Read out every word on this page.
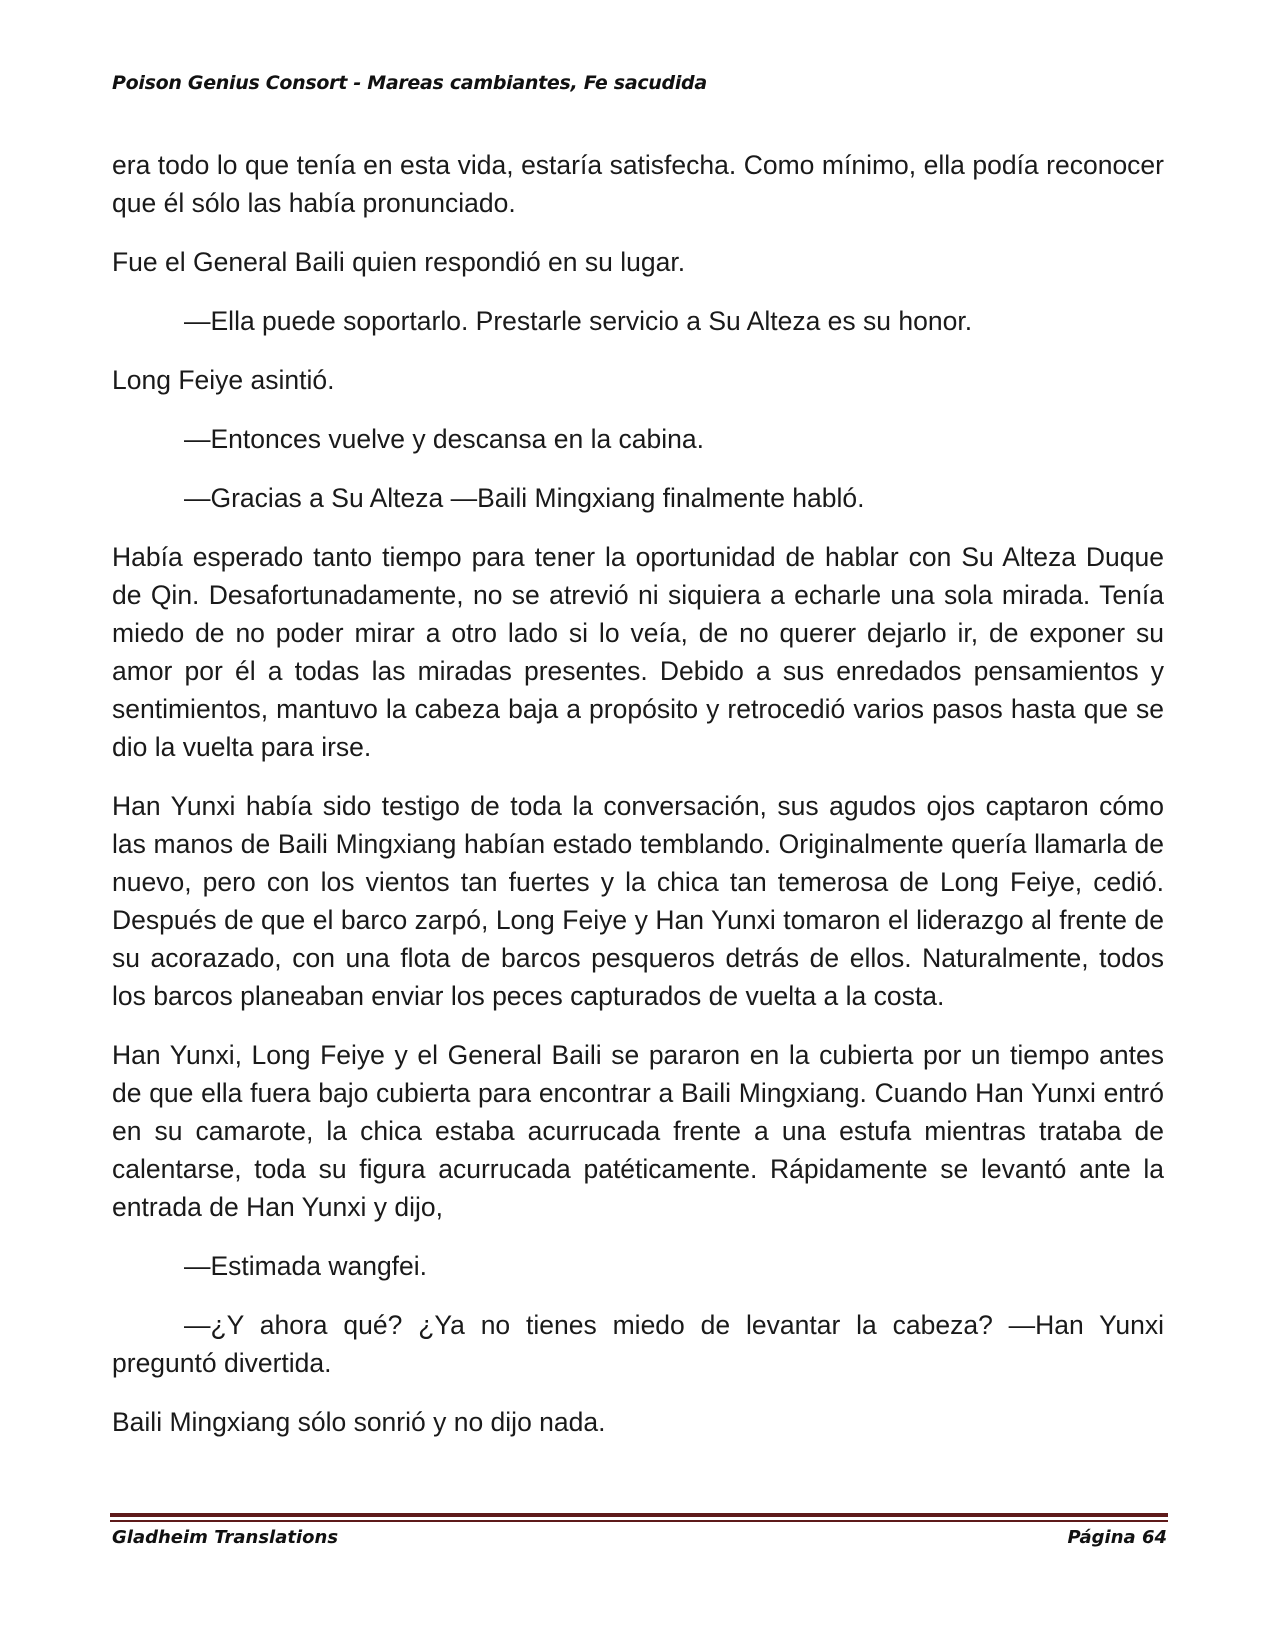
Poison Genius Consort - Mareas cambiantes, Fe sacudida

era todo lo que tenía en esta vida, estaría satisfecha. Como mínimo, ella podía reconocer que él sólo las había pronunciado.

Fue el General Baili quien respondió en su lugar.

—Ella puede soportarlo. Prestarle servicio a Su Alteza es su honor.

Long Feiye asintió.

—Entonces vuelve y descansa en la cabina.

—Gracias a Su Alteza —Baili Mingxiang finalmente habló.

Había esperado tanto tiempo para tener la oportunidad de hablar con Su Alteza Duque de Qin. Desafortunadamente, no se atrevió ni siquiera a echarle una sola mirada. Tenía miedo de no poder mirar a otro lado si lo veía, de no querer dejarlo ir, de exponer su amor por él a todas las miradas presentes. Debido a sus enredados pensamientos y sentimientos, mantuvo la cabeza baja a propósito y retrocedió varios pasos hasta que se dio la vuelta para irse.

Han Yunxi había sido testigo de toda la conversación, sus agudos ojos captaron cómo las manos de Baili Mingxiang habían estado temblando. Originalmente quería llamarla de nuevo, pero con los vientos tan fuertes y la chica tan temerosa de Long Feiye, cedió. Después de que el barco zarpó, Long Feiye y Han Yunxi tomaron el liderazgo al frente de su acorazado, con una flota de barcos pesqueros detrás de ellos. Naturalmente, todos los barcos planeaban enviar los peces capturados de vuelta a la costa.

Han Yunxi, Long Feiye y el General Baili se pararon en la cubierta por un tiempo antes de que ella fuera bajo cubierta para encontrar a Baili Mingxiang. Cuando Han Yunxi entró en su camarote, la chica estaba acurrucada frente a una estufa mientras trataba de calentarse, toda su figura acurrucada patéticamente. Rápidamente se levantó ante la entrada de Han Yunxi y dijo,

—Estimada wangfei.

—¿Y ahora qué? ¿Ya no tienes miedo de levantar la cabeza? —Han Yunxi preguntó divertida.

Baili Mingxiang sólo sonrió y no dijo nada.

Gladheim Translations	Página 64
